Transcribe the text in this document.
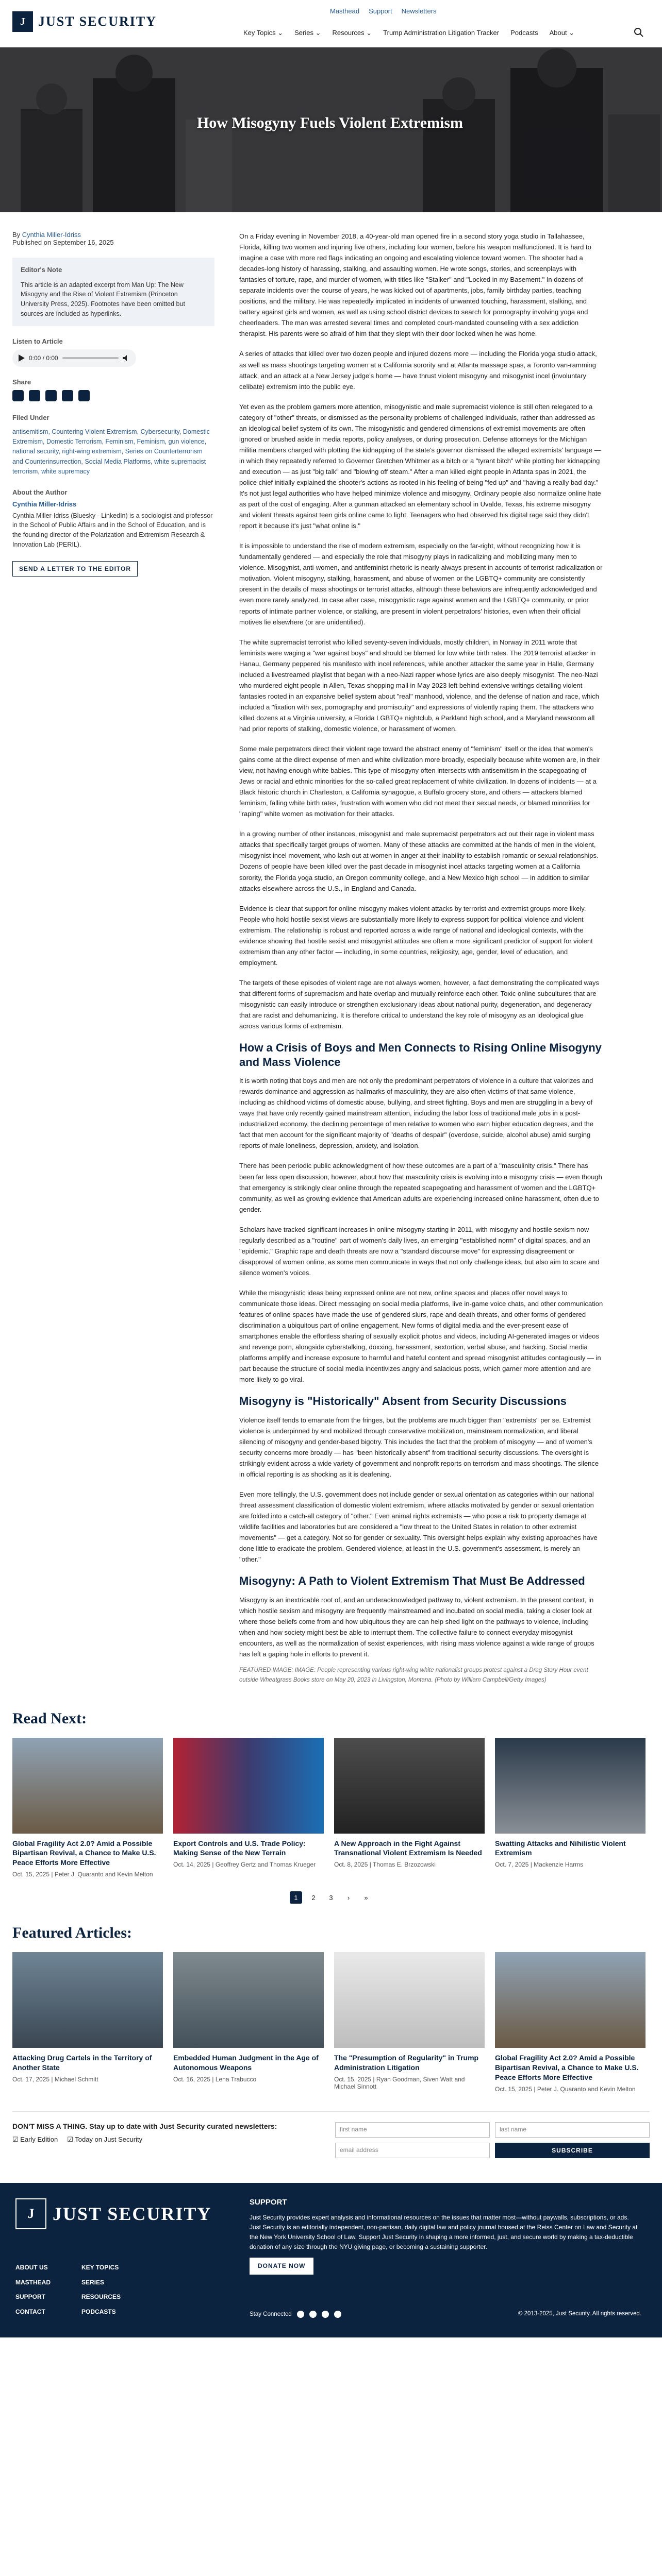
J JUST SECURITY
Masthead Support Newsletters
Key Topics ⌄ Series ⌄ Resources ⌄ Trump Administration Litigation Tracker Podcasts About ⌄
How Misogyny Fuels Violent Extremism
By Cynthia Miller-Idriss
Published on September 16, 2025
Editor's Note

This article is an adapted excerpt from Man Up: The New Misogyny and the Rise of Violent Extremism (Princeton University Press, 2025). Footnotes have been omitted but sources are included as hyperlinks.

Listen to Article
0:00 / 0:00
Share
Filed Under
antisemitism, Countering Violent Extremism, Cybersecurity, Domestic Extremism, Domestic Terrorism, Feminism, Feminism, gun violence, national security, right-wing extremism, Series on Counterterrorism and Counterinsurrection, Social Media Platforms, white supremacist terrorism, white supremacy
About the Author
Cynthia Miller-Idriss

Cynthia Miller-Idriss (Bluesky - LinkedIn) is a sociologist and professor in the School of Public Affairs and in the School of Education, and is the founding director of the Polarization and Extremism Research & Innovation Lab (PERIL).

SEND A LETTER TO THE EDITOR

On a Friday evening in November 2018, a 40-year-old man opened fire in a second story yoga studio in Tallahassee, Florida, killing two women and injuring five others, including four women, before his weapon malfunctioned. It is hard to imagine a case with more red flags indicating an ongoing and escalating violence toward women. The shooter had a decades-long history of harassing, stalking, and assaulting women. He wrote songs, stories, and screenplays with fantasies of torture, rape, and murder of women, with titles like "Stalker" and "Locked in my Basement." In dozens of separate incidents over the course of years, he was kicked out of apartments, jobs, family birthday parties, teaching positions, and the military. He was repeatedly implicated in incidents of unwanted touching, harassment, stalking, and battery against girls and women, as well as using school district devices to search for pornography involving yoga and cheerleaders. The man was arrested several times and completed court-mandated counseling with a sex addiction therapist. His parents were so afraid of him that they slept with their door locked when he was home.

A series of attacks that killed over two dozen people and injured dozens more — including the Florida yoga studio attack, as well as mass shootings targeting women at a California sorority and at Atlanta massage spas, a Toronto van-ramming attack, and an attack at a New Jersey judge's home — have thrust violent misogyny and misogynist incel (involuntary celibate) extremism into the public eye.

Yet even as the problem garners more attention, misogynistic and male supremacist violence is still often relegated to a category of "other" threats, or dismissed as the personality problems of challenged individuals, rather than addressed as an ideological belief system of its own. The misogynistic and gendered dimensions of extremist movements are often ignored or brushed aside in media reports, policy analyses, or during prosecution. Defense attorneys for the Michigan militia members charged with plotting the kidnapping of the state's governor dismissed the alleged extremists' language — in which they repeatedly referred to Governor Gretchen Whitmer as a bitch or a "tyrant bitch" while plotting her kidnapping and execution — as just "big talk" and "blowing off steam." After a man killed eight people in Atlanta spas in 2021, the police chief initially explained the shooter's actions as rooted in his feeling of being "fed up" and "having a really bad day." It's not just legal authorities who have helped minimize violence and misogyny. Ordinary people also normalize online hate as part of the cost of engaging. After a gunman attacked an elementary school in Uvalde, Texas, his extreme misogyny and violent threats against teen girls online came to light. Teenagers who had observed his digital rage said they didn't report it because it's just "what online is."

It is impossible to understand the rise of modern extremism, especially on the far-right, without recognizing how it is fundamentally gendered — and especially the role that misogyny plays in radicalizing and mobilizing many men to violence. Misogynist, anti-women, and antifeminist rhetoric is nearly always present in accounts of terrorist radicalization or motivation. Violent misogyny, stalking, harassment, and abuse of women or the LGBTQ+ community are consistently present in the details of mass shootings or terrorist attacks, although these behaviors are infrequently acknowledged and even more rarely analyzed. In case after case, misogynistic rage against women and the LGBTQ+ community, or prior reports of intimate partner violence, or stalking, are present in violent perpetrators' histories, even when their official motives lie elsewhere (or are unidentified).

The white supremacist terrorist who killed seventy-seven individuals, mostly children, in Norway in 2011 wrote that feminists were waging a "war against boys" and should be blamed for low white birth rates. The 2019 terrorist attacker in Hanau, Germany peppered his manifesto with incel references, while another attacker the same year in Halle, Germany included a livestreamed playlist that began with a neo-Nazi rapper whose lyrics are also deeply misogynist. The neo-Nazi who murdered eight people in Allen, Texas shopping mall in May 2023 left behind extensive writings detailing violent fantasies rooted in an expansive belief system about "real" manhood, violence, and the defense of nation and race, which included a "fixation with sex, pornography and promiscuity" and expressions of violently raping them. The attackers who killed dozens at a Virginia university, a Florida LGBTQ+ nightclub, a Parkland high school, and a Maryland newsroom all had prior reports of stalking, domestic violence, or harassment of women.

Some male perpetrators direct their violent rage toward the abstract enemy of "feminism" itself or the idea that women's gains come at the direct expense of men and white civilization more broadly, especially because white women are, in their view, not having enough white babies. This type of misogyny often intersects with antisemitism in the scapegoating of Jews or racial and ethnic minorities for the so-called great replacement of white civilization. In dozens of incidents — at a Black historic church in Charleston, a California synagogue, a Buffalo grocery store, and others — attackers blamed feminism, falling white birth rates, frustration with women who did not meet their sexual needs, or blamed minorities for "raping" white women as motivation for their attacks.

In a growing number of other instances, misogynist and male supremacist perpetrators act out their rage in violent mass attacks that specifically target groups of women. Many of these attacks are committed at the hands of men in the violent, misogynist incel movement, who lash out at women in anger at their inability to establish romantic or sexual relationships. Dozens of people have been killed over the past decade in misogynist incel attacks targeting women at a California sorority, the Florida yoga studio, an Oregon community college, and a New Mexico high school — in addition to similar attacks elsewhere across the U.S., in England and Canada.

Evidence is clear that support for online misogyny makes violent attacks by terrorist and extremist groups more likely. People who hold hostile sexist views are substantially more likely to express support for political violence and violent extremism. The relationship is robust and reported across a wide range of national and ideological contexts, with the evidence showing that hostile sexist and misogynist attitudes are often a more significant predictor of support for violent extremism than any other factor — including, in some countries, religiosity, age, gender, level of education, and employment.

The targets of these episodes of violent rage are not always women, however, a fact demonstrating the complicated ways that different forms of supremacism and hate overlap and mutually reinforce each other. Toxic online subcultures that are misogynistic can easily introduce or strengthen exclusionary ideas about national purity, degeneration, and degeneracy that are racist and dehumanizing. It is therefore critical to understand the key role of misogyny as an ideological glue across various forms of extremism.

How a Crisis of Boys and Men Connects to Rising Online Misogyny and Mass Violence

It is worth noting that boys and men are not only the predominant perpetrators of violence in a culture that valorizes and rewards dominance and aggression as hallmarks of masculinity, they are also often victims of that same violence, including as childhood victims of domestic abuse, bullying, and street fighting. Boys and men are struggling in a bevy of ways that have only recently gained mainstream attention, including the labor loss of traditional male jobs in a post-industrialized economy, the declining percentage of men relative to women who earn higher education degrees, and the fact that men account for the significant majority of "deaths of despair" (overdose, suicide, alcohol abuse) amid surging reports of male loneliness, depression, anxiety, and isolation.

There has been periodic public acknowledgment of how these outcomes are a part of a "masculinity crisis." There has been far less open discussion, however, about how that masculinity crisis is evolving into a misogyny crisis — even though that emergency is strikingly clear online through the repeated scapegoating and harassment of women and the LGBTQ+ community, as well as growing evidence that American adults are experiencing increased online harassment, often due to gender.

Scholars have tracked significant increases in online misogyny starting in 2011, with misogyny and hostile sexism now regularly described as a "routine" part of women's daily lives, an emerging "established norm" of digital spaces, and an "epidemic." Graphic rape and death threats are now a "standard discourse move" for expressing disagreement or disapproval of women online, as some men communicate in ways that not only challenge ideas, but also aim to scare and silence women's voices.

While the misogynistic ideas being expressed online are not new, online spaces and places offer novel ways to communicate those ideas. Direct messaging on social media platforms, live in-game voice chats, and other communication features of online spaces have made the use of gendered slurs, rape and death threats, and other forms of gendered discrimination a ubiquitous part of online engagement. New forms of digital media and the ever-present ease of smartphones enable the effortless sharing of sexually explicit photos and videos, including AI-generated images or videos and revenge porn, alongside cyberstalking, doxxing, harassment, sextortion, verbal abuse, and hacking. Social media platforms amplify and increase exposure to harmful and hateful content and spread misogynist attitudes contagiously — in part because the structure of social media incentivizes angry and salacious posts, which garner more attention and are more likely to go viral.

Misogyny is "Historically" Absent from Security Discussions

Violence itself tends to emanate from the fringes, but the problems are much bigger than "extremists" per se. Extremist violence is underpinned by and mobilized through conservative mobilization, mainstream normalization, and liberal silencing of misogyny and gender-based bigotry. This includes the fact that the problem of misogyny — and of women's security concerns more broadly — has "been historically absent" from traditional security discussions. The oversight is strikingly evident across a wide variety of government and nonprofit reports on terrorism and mass shootings. The silence in official reporting is as shocking as it is deafening.

Even more tellingly, the U.S. government does not include gender or sexual orientation as categories within our national threat assessment classification of domestic violent extremism, where attacks motivated by gender or sexual orientation are folded into a catch-all category of "other." Even animal rights extremists — who pose a risk to property damage at wildlife facilities and laboratories but are considered a "low threat to the United States in relation to other extremist movements" — get a category. Not so for gender or sexuality. This oversight helps explain why existing approaches have done little to eradicate the problem. Gendered violence, at least in the U.S. government's assessment, is merely an "other."

Misogyny: A Path to Violent Extremism That Must Be Addressed

Misogyny is an inextricable root of, and an underacknowledged pathway to, violent extremism. In the present context, in which hostile sexism and misogyny are frequently mainstreamed and incubated on social media, taking a closer look at where those beliefs come from and how ubiquitous they are can help shed light on the pathways to violence, including when and how society might best be able to interrupt them. The collective failure to connect everyday misogynist encounters, as well as the normalization of sexist experiences, with rising mass violence against a wide range of groups has left a gaping hole in efforts to prevent it.

FEATURED IMAGE: IMAGE: People representing various right-wing white nationalist groups protest against a Drag Story Hour event outside Wheatgrass Books store on May 20, 2023 in Livingston, Montana. (Photo by William Campbell/Getty Images)

Read Next:
Global Fragility Act 2.0? Amid a Possible Bipartisan Revival, a Chance to Make U.S. Peace Efforts More Effective
Oct. 15, 2025 | Peter J. Quaranto and Kevin Melton
Export Controls and U.S. Trade Policy: Making Sense of the New Terrain
Oct. 14, 2025 | Geoffrey Gertz and Thomas Krueger
A New Approach in the Fight Against Transnational Violent Extremism Is Needed
Oct. 8, 2025 | Thomas E. Brzozowski
Swatting Attacks and Nihilistic Violent Extremism
Oct. 7, 2025 | Mackenzie Harms
1	2	3	›	»
Featured Articles:
Attacking Drug Cartels in the Territory of Another State
Oct. 17, 2025 | Michael Schmitt
Embedded Human Judgment in the Age of Autonomous Weapons
Oct. 16, 2025 | Lena Trabucco
The "Presumption of Regularity" in Trump Administration Litigation
Oct. 15, 2025 | Ryan Goodman, Siven Watt and Michael Sinnott
Global Fragility Act 2.0? Amid a Possible Bipartisan Revival, a Chance to Make U.S. Peace Efforts More Effective
Oct. 15, 2025 | Peter J. Quaranto and Kevin Melton
DON'T MISS A THING. Stay up to date with Just Security curated newsletters:
☑ Early Edition ☑ Today on Just Security
first name	last name
email address	SUBSCRIBE
J JUST SECURITY
ABOUT US
MASTHEAD
SUPPORT
CONTACT
KEY TOPICS
SERIES
RESOURCES
PODCASTS
SUPPORT

Just Security provides expert analysis and informational resources on the issues that matter most—without paywalls, subscriptions, or ads. Just Security is an editorially independent, non-partisan, daily digital law and policy journal housed at the Reiss Center on Law and Security at the New York University School of Law. Support Just Security in shaping a more informed, just, and secure world by making a tax-deductible donation of any size through the NYU giving page, or becoming a sustaining supporter.

DONATE NOW
Stay Connected	© 2013-2025, Just Security. All rights reserved.
